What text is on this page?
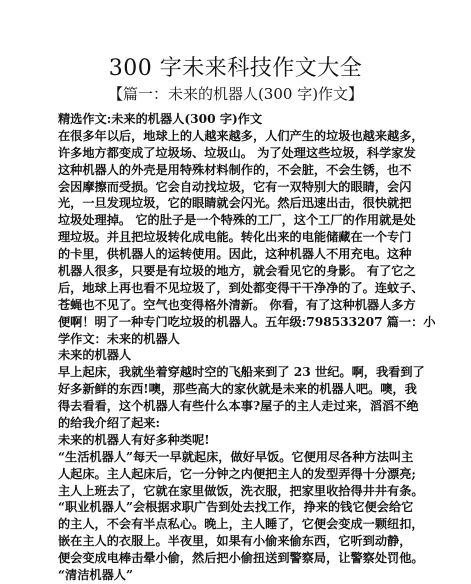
300 字未来科技作文大全
【篇一：未来的机器人(300 字)作文】
精选作文:未来的机器人(300 字)作文
在很多年以后，地球上的人越来越多，人们产生的垃圾也越来越多，
许多地方都变成了垃圾场、垃圾山。 为了处理这些垃圾，科学家发
这种机器人的外壳是用特殊材料制作的，不会脏，不会生锈，也不
会因摩擦而受损。它会自动找垃圾，它有一双特别大的眼睛，会闪
光，一旦发现垃圾，它的眼睛就会闪光。然后迅速出击，很快就把
垃圾处理掉。 它的肚子是一个特殊的工厂，这个工厂的作用就是处
理垃圾。并且把垃圾转化成电能。转化出来的电能储藏在一个专门
的卡里，供机器人的运转使用。因此，这种机器人不用充电。这种
机器人很多，只要是有垃圾的地方，就会看见它的身影。 有了它之
后，地球上再也看不见垃圾了，到处都变得干干净净的了。连蚊子、
苍蝇也不见了。空气也变得格外清新。 你看，有了这种机器人多方
便啊！明了一种专门吃垃圾的机器人。五年级:798533207 篇一：小
学作文：未来的机器人
未来的机器人
早上起床，我就坐着穿越时空的飞船来到了 23 世纪。啊，我看到了
好多新鲜的东西!噢，那些高大的家伙就是未来的机器人吧。噢，我
得去看看，这个机器人有些什么本事?屋子的主人走过来，滔滔不绝
的给我介绍了起来:
未来的机器人有好多种类呢!
“生活机器人”每天一早就起床，做好早饭。它便用尽各种方法叫主
人起床。主人起床后，它一分钟之内便把主人的发型弄得十分漂亮;
主人上班去了，它就在家里做饭，洗衣服，把家里收拾得井井有条。
“职业机器人”会根据求职广告到处去找工作，挣来的钱它便会给它
的主人，不会有半点私心。晚上，主人睡了，它便会变成一颗纽扣，
嵌在主人的衣服上。半夜里，如果有小偷来偷东西，它听到动静，
便会变成电棒击晕小偷，然后把小偷扭送到警察局，让警察处罚他。
“清洁机器人”
